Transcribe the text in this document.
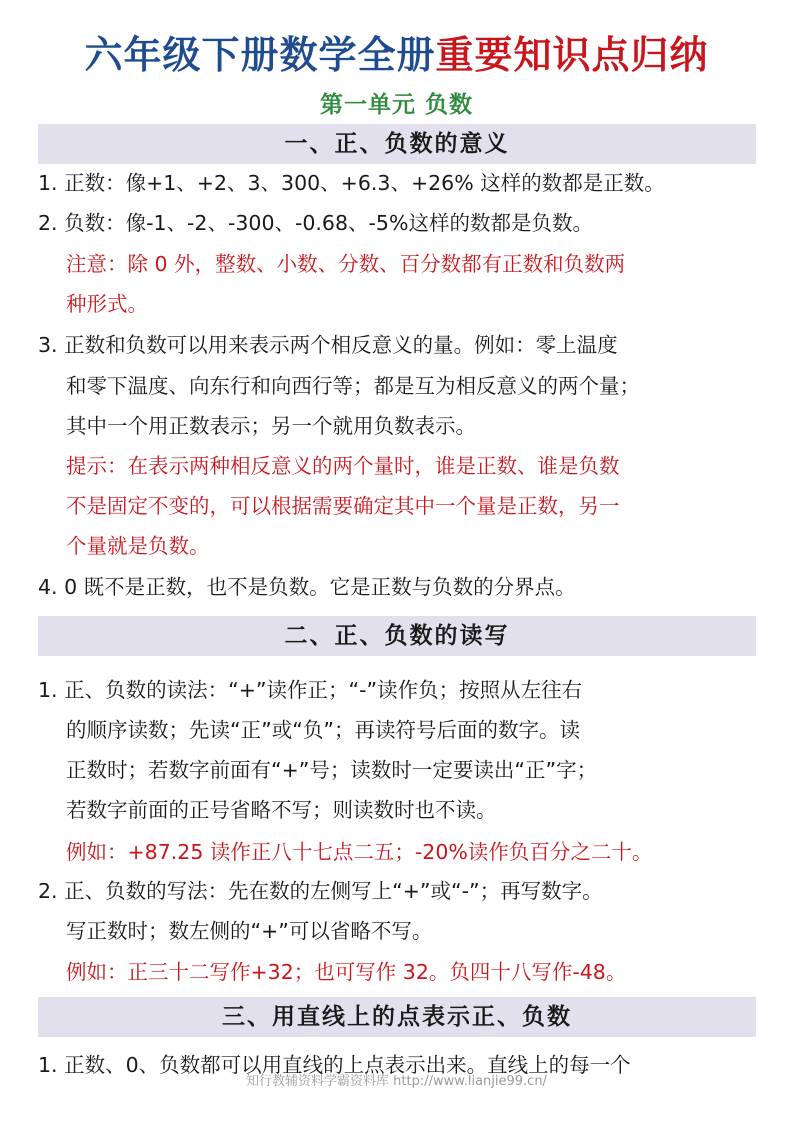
六年级下册数学全册重要知识点归纳
第一单元 负数
一、正、负数的意义
1. 正数：像+1、+2、3、300、+6.3、+26% 这样的数都是正数。
2. 负数：像-1、-2、-300、-0.68、-5%这样的数都是负数。
注意：除 0 外，整数、小数、分数、百分数都有正数和负数两
种形式。
3. 正数和负数可以用来表示两个相反意义的量。例如：零上温度
和零下温度、向东行和向西行等；都是互为相反意义的两个量；
其中一个用正数表示；另一个就用负数表示。
提示：在表示两种相反意义的两个量时，谁是正数、谁是负数
不是固定不变的，可以根据需要确定其中一个量是正数，另一
个量就是负数。
4. 0 既不是正数，也不是负数。它是正数与负数的分界点。
二、正、负数的读写
1. 正、负数的读法：“+”读作正；“-”读作负；按照从左往右
的顺序读数；先读“正”或“负”；再读符号后面的数字。读
正数时；若数字前面有“+”号；读数时一定要读出“正”字；
若数字前面的正号省略不写；则读数时也不读。
例如：+87.25 读作正八十七点二五；-20%读作负百分之二十。
2. 正、负数的写法：先在数的左侧写上“+”或“-”；再写数字。
写正数时；数左侧的“+”可以省略不写。
例如：正三十二写作+32；也可写作 32。负四十八写作-48。
三、用直线上的点表示正、负数
1. 正数、0、负数都可以用直线的上点表示出来。直线上的每一个
知行教辅资料学霸资料库 http://www.lianjie99.cn/
